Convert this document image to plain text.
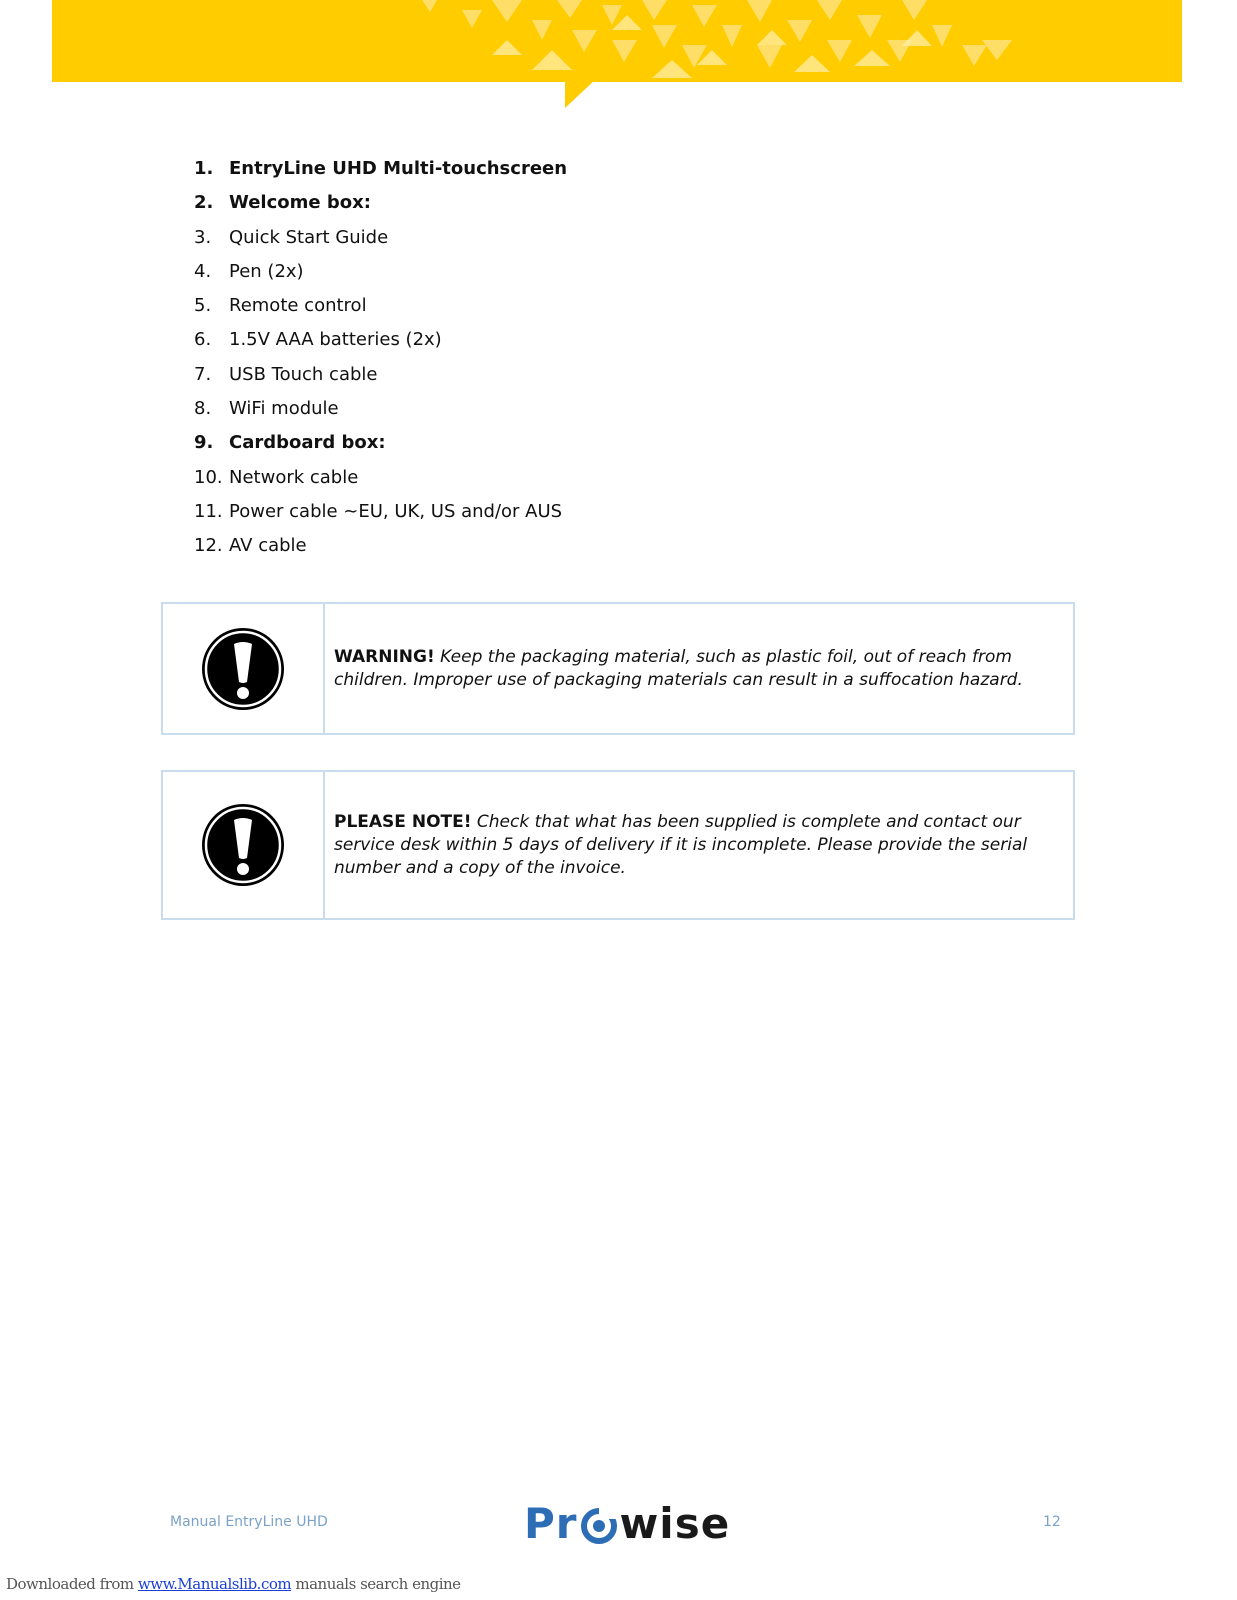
1. EntryLine UHD Multi-touchscreen
2. Welcome box:
3. Quick Start Guide
4. Pen (2x)
5. Remote control
6. 1.5V AAA batteries (2x)
7. USB Touch cable
8. WiFi module
9. Cardboard box:
10. Network cable
11. Power cable ~EU, UK, US and/or AUS
12. AV cable

WARNING! Keep the packaging material, such as plastic foil, out of reach from children. Improper use of packaging materials can result in a suffocation hazard.

PLEASE NOTE! Check that what has been supplied is complete and contact our service desk within 5 days of delivery if it is incomplete. Please provide the serial number and a copy of the invoice.

Manual EntryLine UHD	Pr wise	12
Downloaded from www.Manualslib.com manuals search engine
